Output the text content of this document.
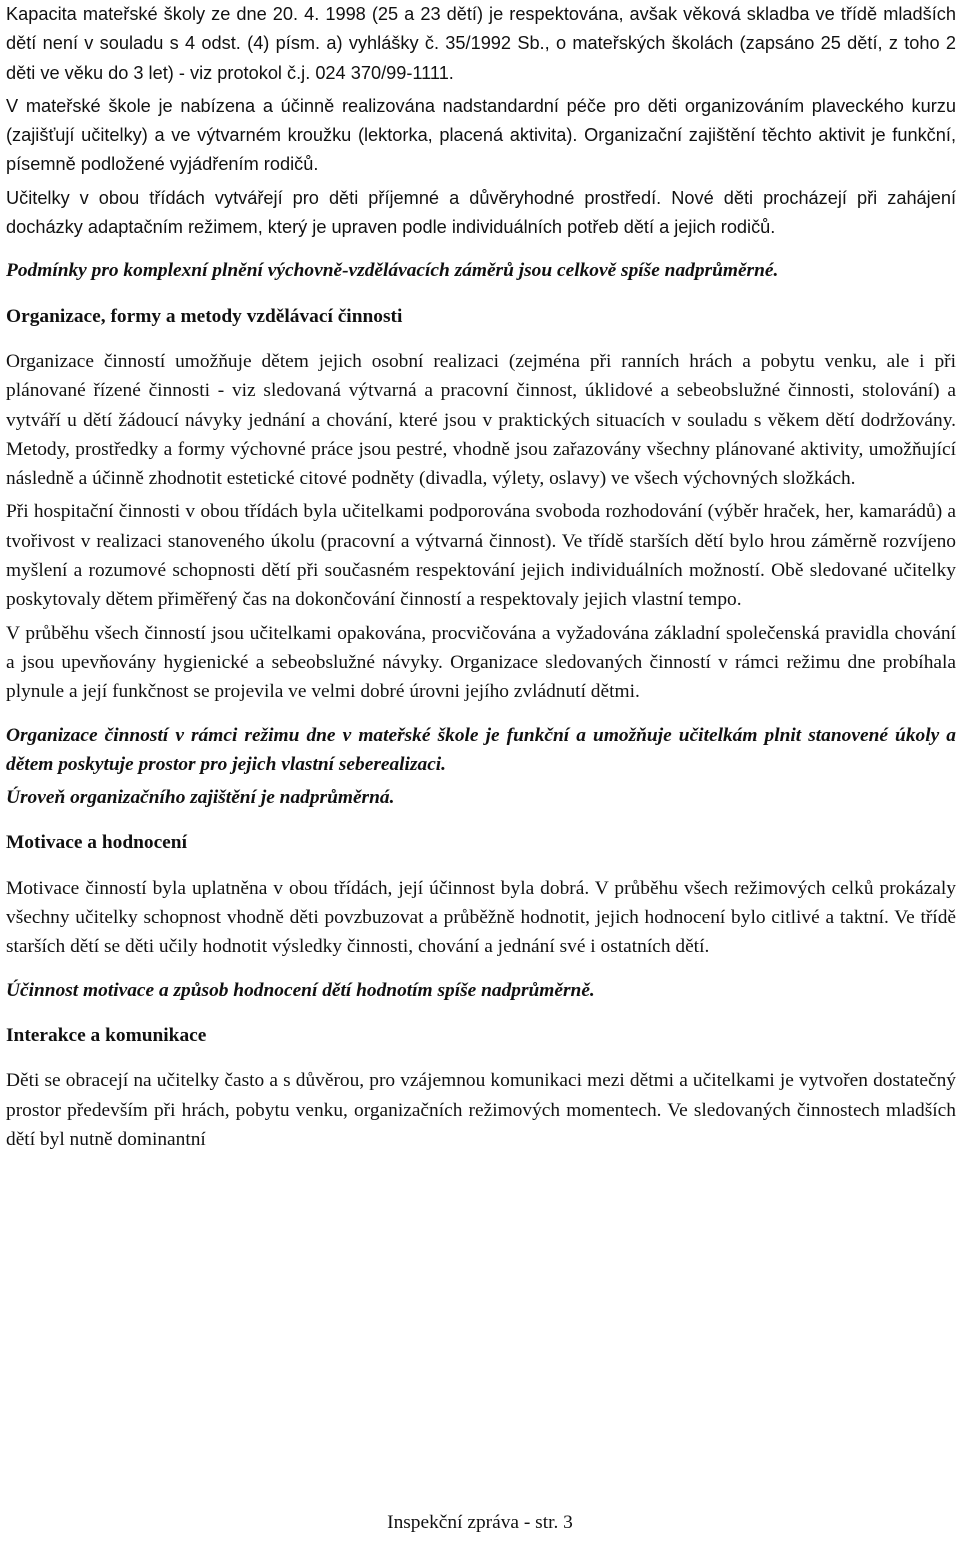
Kapacita mateřské školy ze dne 20. 4. 1998 (25 a 23 dětí) je respektována, avšak věková skladba ve třídě mladších dětí není v souladu s 4 odst. (4) písm. a) vyhlášky č. 35/1992 Sb., o mateřských školách (zapsáno 25 dětí, z toho 2 děti ve věku do 3 let) - viz protokol č.j. 024 370/99-1111.

V mateřské škole je nabízena a účinně realizována nadstandardní péče pro děti organizováním plaveckého kurzu (zajišťují učitelky) a ve výtvarném kroužku (lektorka, placená aktivita). Organizační zajištění těchto aktivit je funkční, písemně podložené vyjádřením rodičů.

Učitelky v obou třídách vytvářejí pro děti příjemné a důvěryhodné prostředí. Nové děti procházejí při zahájení docházky adaptačním režimem, který je upraven podle individuálních potřeb dětí a jejich rodičů.

Podmínky pro komplexní plnění výchovně-vzdělávacích záměrů jsou celkově spíše nadprůměrné.

Organizace, formy a metody vzdělávací činnosti

Organizace činností umožňuje dětem jejich osobní realizaci (zejména při ranních hrách a pobytu venku, ale i při plánované řízené činnosti - viz sledovaná výtvarná a pracovní činnost, úklidové a sebeobslužné činnosti, stolování) a vytváří u dětí žádoucí návyky jednání a chování, které jsou v praktických situacích v souladu s věkem dětí dodržovány. Metody, prostředky a formy výchovné práce jsou pestré, vhodně jsou zařazovány všechny plánované aktivity, umožňující následně a účinně zhodnotit estetické citové podněty (divadla, výlety, oslavy) ve všech výchovných složkách.

Při hospitační činnosti v obou třídách byla učitelkami podporována svoboda rozhodování (výběr hraček, her, kamarádů) a tvořivost v realizaci stanoveného úkolu (pracovní a výtvarná činnost). Ve třídě starších dětí bylo hrou záměrně rozvíjeno myšlení a rozumové schopnosti dětí při současném respektování jejich individuálních možností. Obě sledované učitelky poskytovaly dětem přiměřený čas na dokončování činností a respektovaly jejich vlastní tempo.

V průběhu všech činností jsou učitelkami opakována, procvičována a vyžadována základní společenská pravidla chování a jsou upevňovány hygienické a sebeobslužné návyky. Organizace sledovaných činností v rámci režimu dne probíhala plynule a její funkčnost se projevila ve velmi dobré úrovni jejího zvládnutí dětmi.

Organizace činností v rámci režimu dne v mateřské škole je funkční a umožňuje učitelkám plnit stanovené úkoly a dětem poskytuje prostor pro jejich vlastní seberealizaci.

Úroveň organizačního zajištění je nadprůměrná.

Motivace a hodnocení

Motivace činností byla uplatněna v obou třídách, její účinnost byla dobrá. V průběhu všech režimových celků prokázaly všechny učitelky schopnost vhodně děti povzbuzovat a průběžně hodnotit, jejich hodnocení bylo citlivé a taktní. Ve třídě starších dětí se děti učily hodnotit výsledky činnosti, chování a jednání své i ostatních dětí.

Účinnost motivace a způsob hodnocení dětí hodnotím spíše nadprůměrně.

Interakce a komunikace

Děti se obracejí na učitelky často a s důvěrou, pro vzájemnou komunikaci mezi dětmi a učitelkami je vytvořen dostatečný prostor především při hrách, pobytu venku, organizačních režimových momentech. Ve sledovaných činnostech mladších dětí byl nutně dominantní

Inspekční zpráva - str. 3
